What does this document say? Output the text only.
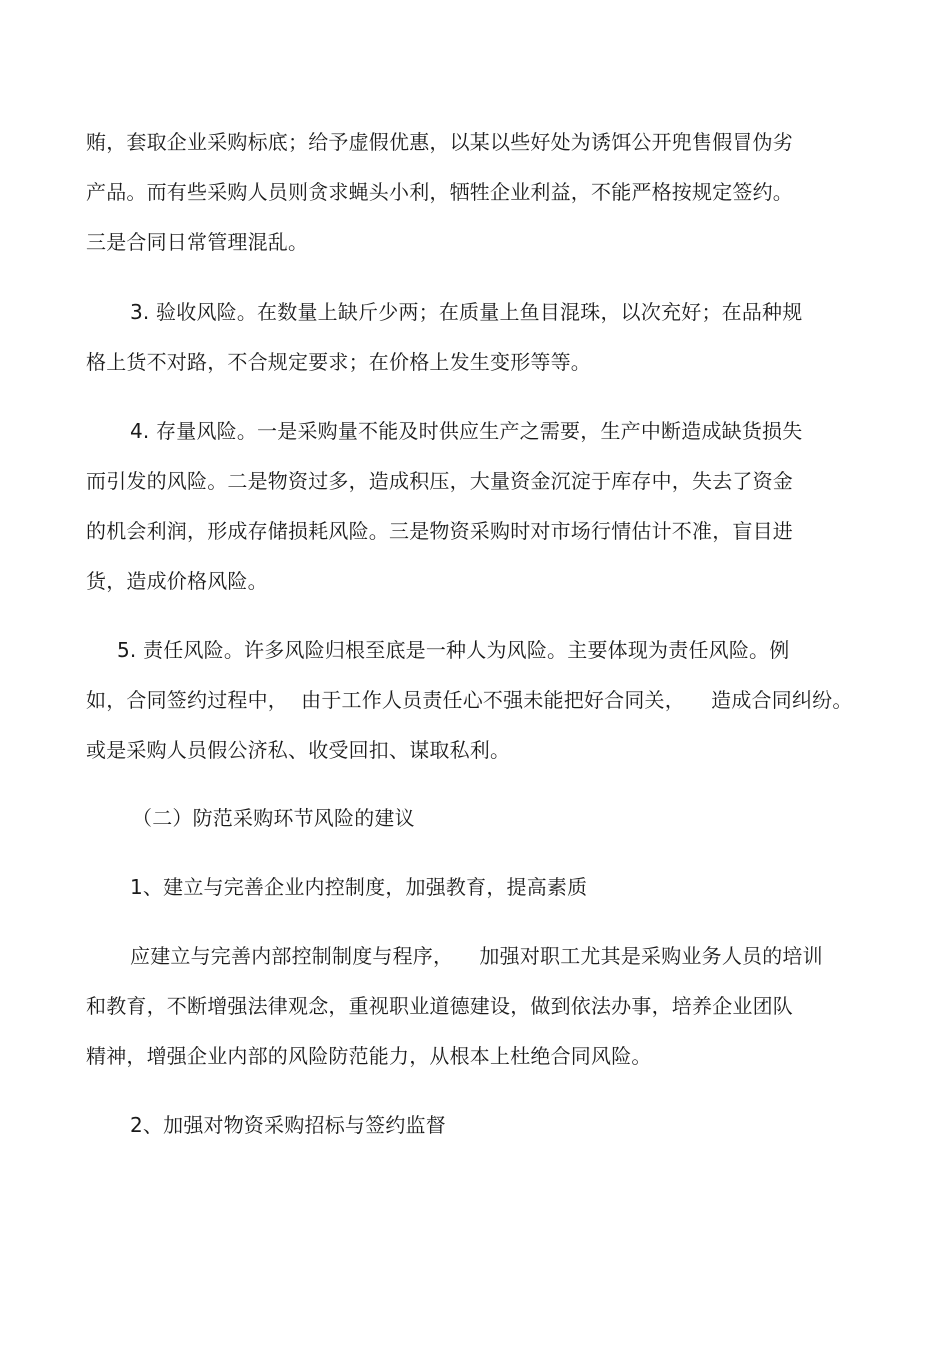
贿，套取企业采购标底；给予虚假优惠，以某以些好处为诱饵公开兜售假冒伪劣
产品。而有些采购人员则贪求蝇头小利，牺牲企业利益，不能严格按规定签约。
三是合同日常管理混乱。
3. 验收风险。在数量上缺斤少两；在质量上鱼目混珠，以次充好；在品种规
格上货不对路，不合规定要求；在价格上发生变形等等。
4. 存量风险。一是采购量不能及时供应生产之需要，生产中断造成缺货损失
而引发的风险。二是物资过多，造成积压，大量资金沉淀于库存中，失去了资金
的机会利润，形成存储损耗风险。三是物资采购时对市场行情估计不准，盲目进
货，造成价格风险。
5. 责任风险。许多风险归根至底是一种人为风险。主要体现为责任风险。例
如，合同签约过程中，  由于工作人员责任心不强未能把好合同关，    造成合同纠纷。
或是采购人员假公济私、收受回扣、谋取私利。
（二）防范采购环节风险的建议
1、建立与完善企业内控制度，加强教育，提高素质
应建立与完善内部控制制度与程序，    加强对职工尤其是采购业务人员的培训
和教育，不断增强法律观念，重视职业道德建设，做到依法办事，培养企业团队
精神，增强企业内部的风险防范能力，从根本上杜绝合同风险。
2、加强对物资采购招标与签约监督
